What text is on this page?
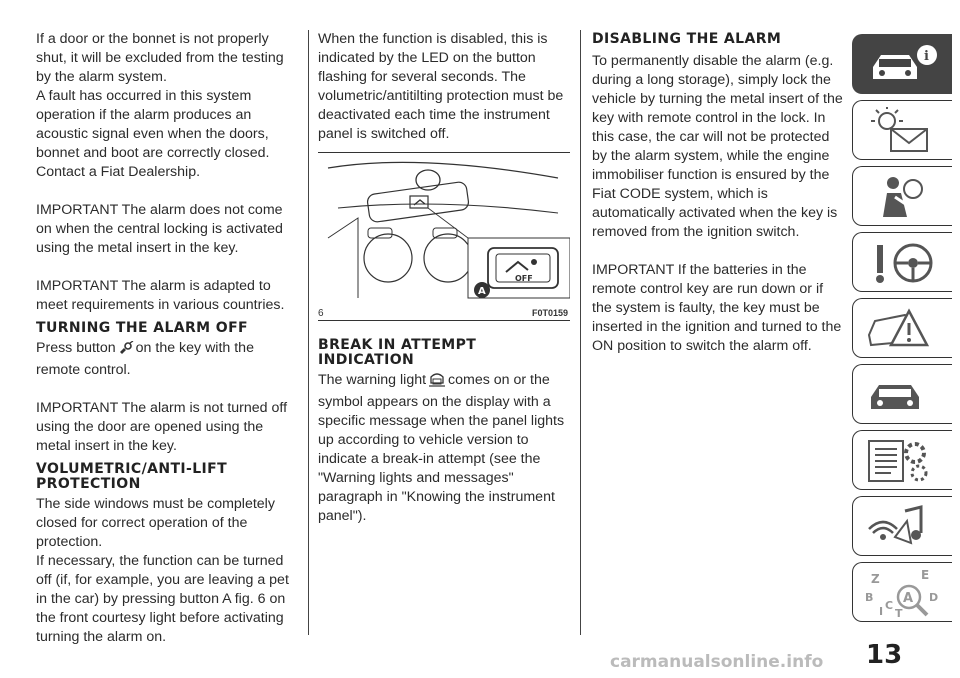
If a door or the bonnet is not properly shut, it will be excluded from the testing by the alarm system.

A fault has occurred in this system operation if the alarm produces an acoustic signal even when the doors, bonnet and boot are correctly closed. Contact a Fiat Dealership.

IMPORTANT The alarm does not come on when the central locking is activated using the metal insert in the key.

IMPORTANT The alarm is adapted to meet requirements in various countries.

TURNING THE ALARM OFF

Press button on the key with the remote control.

IMPORTANT The alarm is not turned off using the door are opened using the metal insert in the key.

VOLUMETRIC/ANTI-LIFT PROTECTION

The side windows must be completely closed for correct operation of the protection.

If necessary, the function can be turned off (if, for example, you are leaving a pet in the car) by pressing button A fig. 6 on the front courtesy light before activating turning the alarm on.

When the function is disabled, this is indicated by the LED on the button flashing for several seconds. The volumetric/antitilting protection must be deactivated each time the instrument panel is switched off.

OFF
A
6	F0T0159
BREAK IN ATTEMPT INDICATION

The warning light comes on or the symbol appears on the display with a specific message when the panel lights up according to vehicle version to indicate a break-in attempt (see the "Warning lights and messages" paragraph in "Knowing the instrument panel").

DISABLING THE ALARM

To permanently disable the alarm (e.g. during a long storage), simply lock the vehicle by turning the metal insert of the key with remote control in the lock. In this case, the car will not be protected by the alarm system, while the engine immobiliser function is ensured by the Fiat CODE system, which is automatically activated when the key is removed from the ignition switch.

IMPORTANT If the batteries in the remote control key are run down or if the system is faulty, the key must be inserted in the ignition and turned to the ON position to switch the alarm off.

i
Z	E
A
B
C
D
T
I
13
carmanualsonline.info
